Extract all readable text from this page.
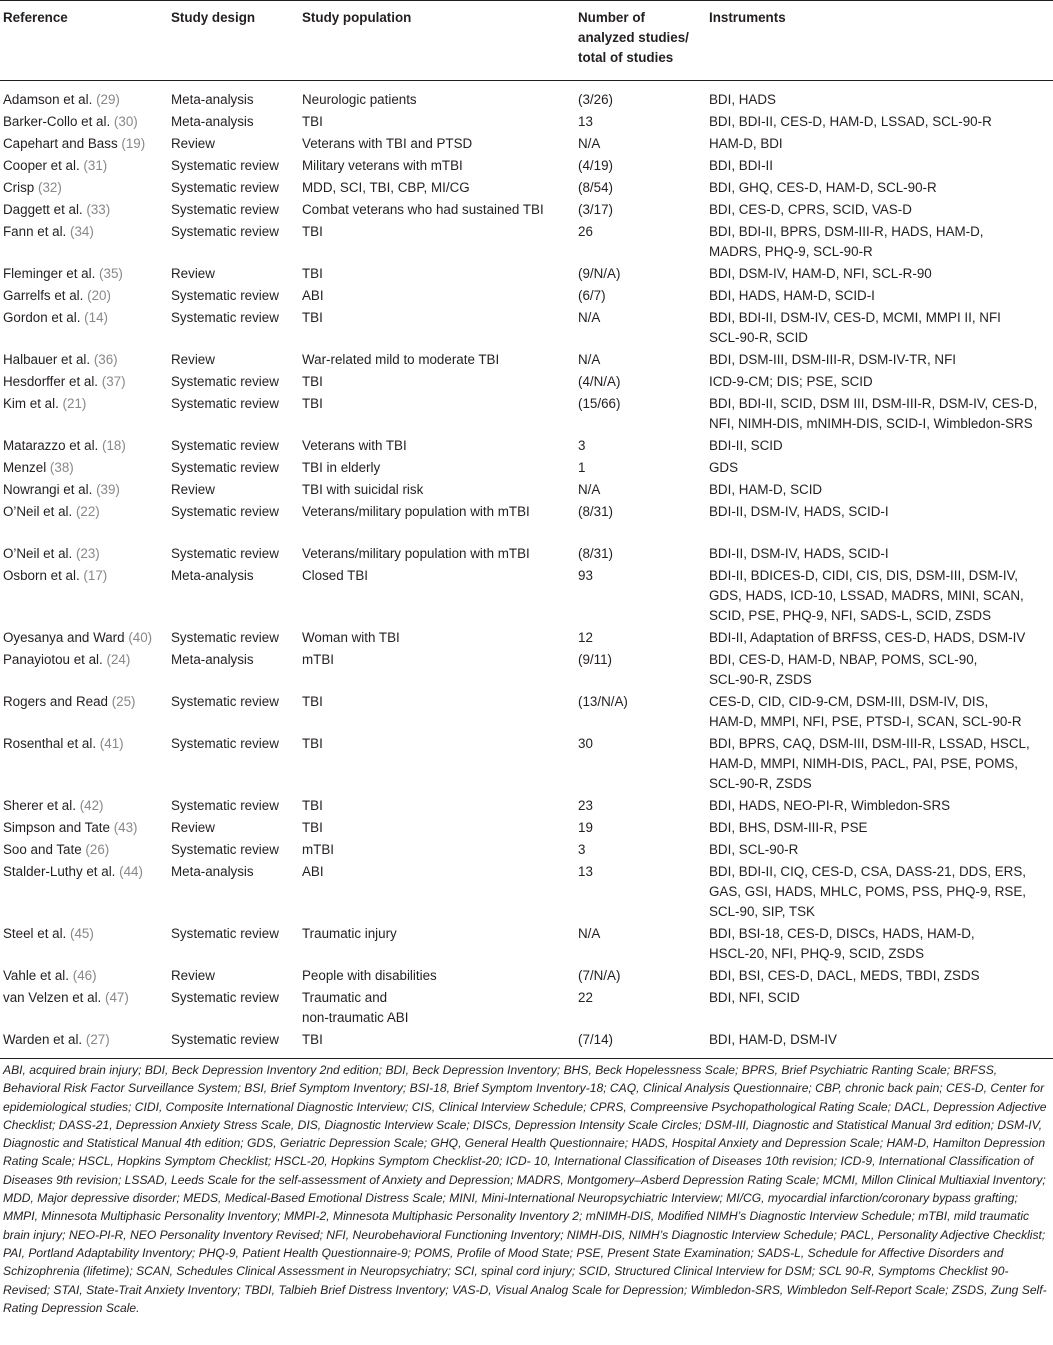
Reference	Study design	Study population	Number of analyzed studies/ total of studies	Instruments
Adamson et al. (29)	Meta-analysis	Neurologic patients	(3/26)	BDI, HADS

Barker-Collo et al. (30)	Meta-analysis	TBI	13	BDI, BDI-II, CES-D, HAM-D, LSSAD, SCL-90-R

Capehart and Bass (19)	Review	Veterans with TBI and PTSD	N/A	HAM-D, BDI

Cooper et al. (31)	Systematic review	Military veterans with mTBI	(4/19)	BDI, BDI-II

Crisp (32)	Systematic review	MDD, SCI, TBI, CBP, MI/CG	(8/54)	BDI, GHQ, CES-D, HAM-D, SCL-90-R

Daggett et al. (33)	Systematic review	Combat veterans who had sustained TBI	(3/17)	BDI, CES-D, CPRS, SCID, VAS-D

Fann et al. (34)	Systematic review	TBI	26	BDI, BDI-II, BPRS, DSM-III-R, HADS, HAM-D,
MADRS, PHQ-9, SCL-90-R

Fleminger et al. (35)	Review	TBI	(9/N/A)	BDI, DSM-IV, HAM-D, NFI, SCL-R-90

Garrelfs et al. (20)	Systematic review	ABI	(6/7)	BDI, HADS, HAM-D, SCID-I

Gordon et al. (14)	Systematic review	TBI	N/A	BDI, BDI-II, DSM-IV, CES-D, MCMI, MMPI II, NFI
SCL-90-R, SCID

Halbauer et al. (36)	Review	War-related mild to moderate TBI	N/A	BDI, DSM-III, DSM-III-R, DSM-IV-TR, NFI

Hesdorffer et al. (37)	Systematic review	TBI	(4/N/A)	ICD-9-CM; DIS; PSE, SCID

Kim et al. (21)	Systematic review	TBI	(15/66)	BDI, BDI-II, SCID, DSM III, DSM-III-R, DSM-IV, CES-D,
NFI, NIMH-DIS, mNIMH-DIS, SCID-I, Wimbledon-SRS

Matarazzo et al. (18)	Systematic review	Veterans with TBI	3	BDI-II, SCID

Menzel (38)	Systematic review	TBI in elderly	1	GDS

Nowrangi et al. (39)	Review	TBI with suicidal risk	N/A	BDI, HAM-D, SCID

O’Neil et al. (22)	Systematic review	Veterans/military population with mTBI	(8/31)	BDI-II, DSM-IV, HADS, SCID-I

O’Neil et al. (23)	Systematic review	Veterans/military population with mTBI	(8/31)	BDI-II, DSM-IV, HADS, SCID-I

Osborn et al. (17)	Meta-analysis	Closed TBI	93	BDI-II, BDICES-D, CIDI, CIS, DIS, DSM-III, DSM-IV,
GDS, HADS, ICD-10, LSSAD, MADRS, MINI, SCAN,
SCID, PSE, PHQ-9, NFI, SADS-L, SCID, ZSDS

Oyesanya and Ward (40)	Systematic review	Woman with TBI	12	BDI-II, Adaptation of BRFSS, CES-D, HADS, DSM-IV

Panayiotou et al. (24)	Meta-analysis	mTBI	(9/11)	BDI, CES-D, HAM-D, NBAP, POMS, SCL-90,
SCL-90-R, ZSDS

Rogers and Read (25)	Systematic review	TBI	(13/N/A)	CES-D, CID, CID-9-CM, DSM-III, DSM-IV, DIS,
HAM-D, MMPI, NFI, PSE, PTSD-I, SCAN, SCL-90-R

Rosenthal et al. (41)	Systematic review	TBI	30	BDI, BPRS, CAQ, DSM-III, DSM-III-R, LSSAD, HSCL,
HAM-D, MMPI, NIMH-DIS, PACL, PAI, PSE, POMS,
SCL-90-R, ZSDS

Sherer et al. (42)	Systematic review	TBI	23	BDI, HADS, NEO-PI-R, Wimbledon-SRS

Simpson and Tate (43)	Review	TBI	19	BDI, BHS, DSM-III-R, PSE

Soo and Tate (26)	Systematic review	mTBI	3	BDI, SCL-90-R

Stalder-Luthy et al. (44)	Meta-analysis	ABI	13	BDI, BDI-II, CIQ, CES-D, CSA, DASS-21, DDS, ERS,
GAS, GSI, HADS, MHLC, POMS, PSS, PHQ-9, RSE,
SCL-90, SIP, TSK

Steel et al. (45)	Systematic review	Traumatic injury	N/A	BDI, BSI-18, CES-D, DISCs, HADS, HAM-D,
HSCL-20, NFI, PHQ-9, SCID, ZSDS

Vahle et al. (46)	Review	People with disabilities	(7/N/A)	BDI, BSI, CES-D, DACL, MEDS, TBDI, ZSDS

van Velzen et al. (47)	Systematic review	Traumatic and
non-traumatic ABI	22	BDI, NFI, SCID

Warden et al. (27)	Systematic review	TBI	(7/14)	BDI, HAM-D, DSM-IV
ABI, acquired brain injury; BDI, Beck Depression Inventory 2nd edition; BDI, Beck Depression Inventory; BHS, Beck Hopelessness Scale; BPRS, Brief Psychiatric Ranting Scale; BRFSS, Behavioral Risk Factor Surveillance System; BSI, Brief Symptom Inventory; BSI-18, Brief Symptom Inventory-18; CAQ, Clinical Analysis Questionnaire; CBP, chronic back pain; CES-D, Center for epidemiological studies; CIDI, Composite International Diagnostic Interview; CIS, Clinical Interview Schedule; CPRS, Compreensive Psychopathological Rating Scale; DACL, Depression Adjective Checklist; DASS-21, Depression Anxiety Stress Scale, DIS, Diagnostic Interview Scale; DISCs, Depression Intensity Scale Circles; DSM-III, Diagnostic and Statistical Manual 3rd edition; DSM-IV, Diagnostic and Statistical Manual 4th edition; GDS, Geriatric Depression Scale; GHQ, General Health Questionnaire; HADS, Hospital Anxiety and Depression Scale; HAM-D, Hamilton Depression Rating Scale; HSCL, Hopkins Symptom Checklist; HSCL-20, Hopkins Symptom Checklist-20; ICD- 10, International Classification of Diseases 10th revision; ICD-9, International Classification of Diseases 9th revision; LSSAD, Leeds Scale for the self-assessment of Anxiety and Depression; MADRS, Montgomery–Asberd Depression Rating Scale; MCMI, Millon Clinical Multiaxial Inventory; MDD, Major depressive disorder; MEDS, Medical-Based Emotional Distress Scale; MINI, Mini-International Neuropsychiatric Interview; MI/CG, myocardial infarction/coronary bypass grafting; MMPI, Minnesota Multiphasic Personality Inventory; MMPI-2, Minnesota Multiphasic Personality Inventory 2; mNIMH-DIS, Modified NIMH’s Diagnostic Interview Schedule; mTBI, mild traumatic brain injury; NEO-PI-R, NEO Personality Inventory Revised; NFI, Neurobehavioral Functioning Inventory; NIMH-DIS, NIMH’s Diagnostic Interview Schedule; PACL, Personality Adjective Checklist; PAI, Portland Adaptability Inventory; PHQ-9, Patient Health Questionnaire-9; POMS, Profile of Mood State; PSE, Present State Examination; SADS-L, Schedule for Affective Disorders and Schizophrenia (lifetime); SCAN, Schedules Clinical Assessment in Neuropsychiatry; SCI, spinal cord injury; SCID, Structured Clinical Interview for DSM; SCL 90-R, Symptoms Checklist 90-Revised; STAI, State-Trait Anxiety Inventory; TBDI, Talbieh Brief Distress Inventory; VAS-D, Visual Analog Scale for Depression; Wimbledon-SRS, Wimbledon Self-Report Scale; ZSDS, Zung Self-Rating Depression Scale.
